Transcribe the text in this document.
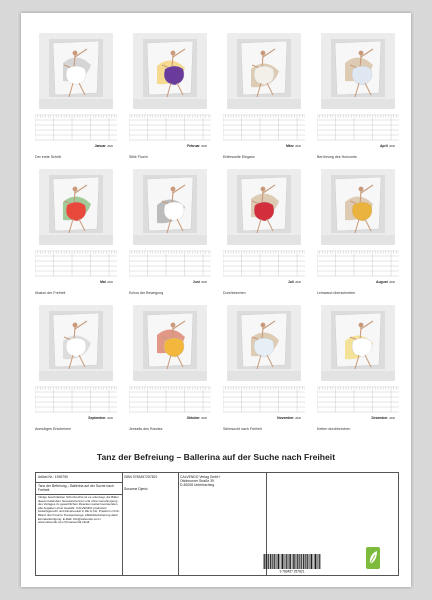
Januar 2026
Der erste Schritt
Februar 2026
Stille Flucht
März 2026
Entfesselte Eleganz
April 2026
Berührung des Horizonts
Mai 2026
Illusion der Freiheit
Juni 2026
Echos der Bewegung
Juli 2026
Durchbrechen
August 2026
Leinwand überschreiten
September 2026
Anmutiges Erscheinen
Oktober 2026
Jenseits des Randes
November 2026
Sehnsucht nach Freiheit
Dezember 2026
Ketten durchbrechen
Tanz der Befreiung – Ballerina auf der Suche nach Freiheit
Artikel-Nr.: 1935750
Tanz der Befreiung – Ballerina auf der Suche nach Freiheit
Infolge beschränkter Schutzrechte ist es untersagt, die Bilder dieses Kalenders herauszutrennen und ohne Genehmigung des Verlages zu gewerblichen Zwecken weiterzuverwenden. Alle Angaben ohne Gewähr. CALVENDO produziert bedarfsgerecht und klimaneutral in DE & CH. Preisform CO2-Bilanz durch kurze Transportwege. Abfall-Reduzierung dank Einzelanfertigung. E-Mail: info@calvendo.com / www.calvendo.com Klimaneutral Inhalt
ISBN 9783457257821
Susanne Djenic
CALVENDO Verlag GmbH
Ottobrunner Straße 39
D-82008 Unterhaching
9 783457 257821
